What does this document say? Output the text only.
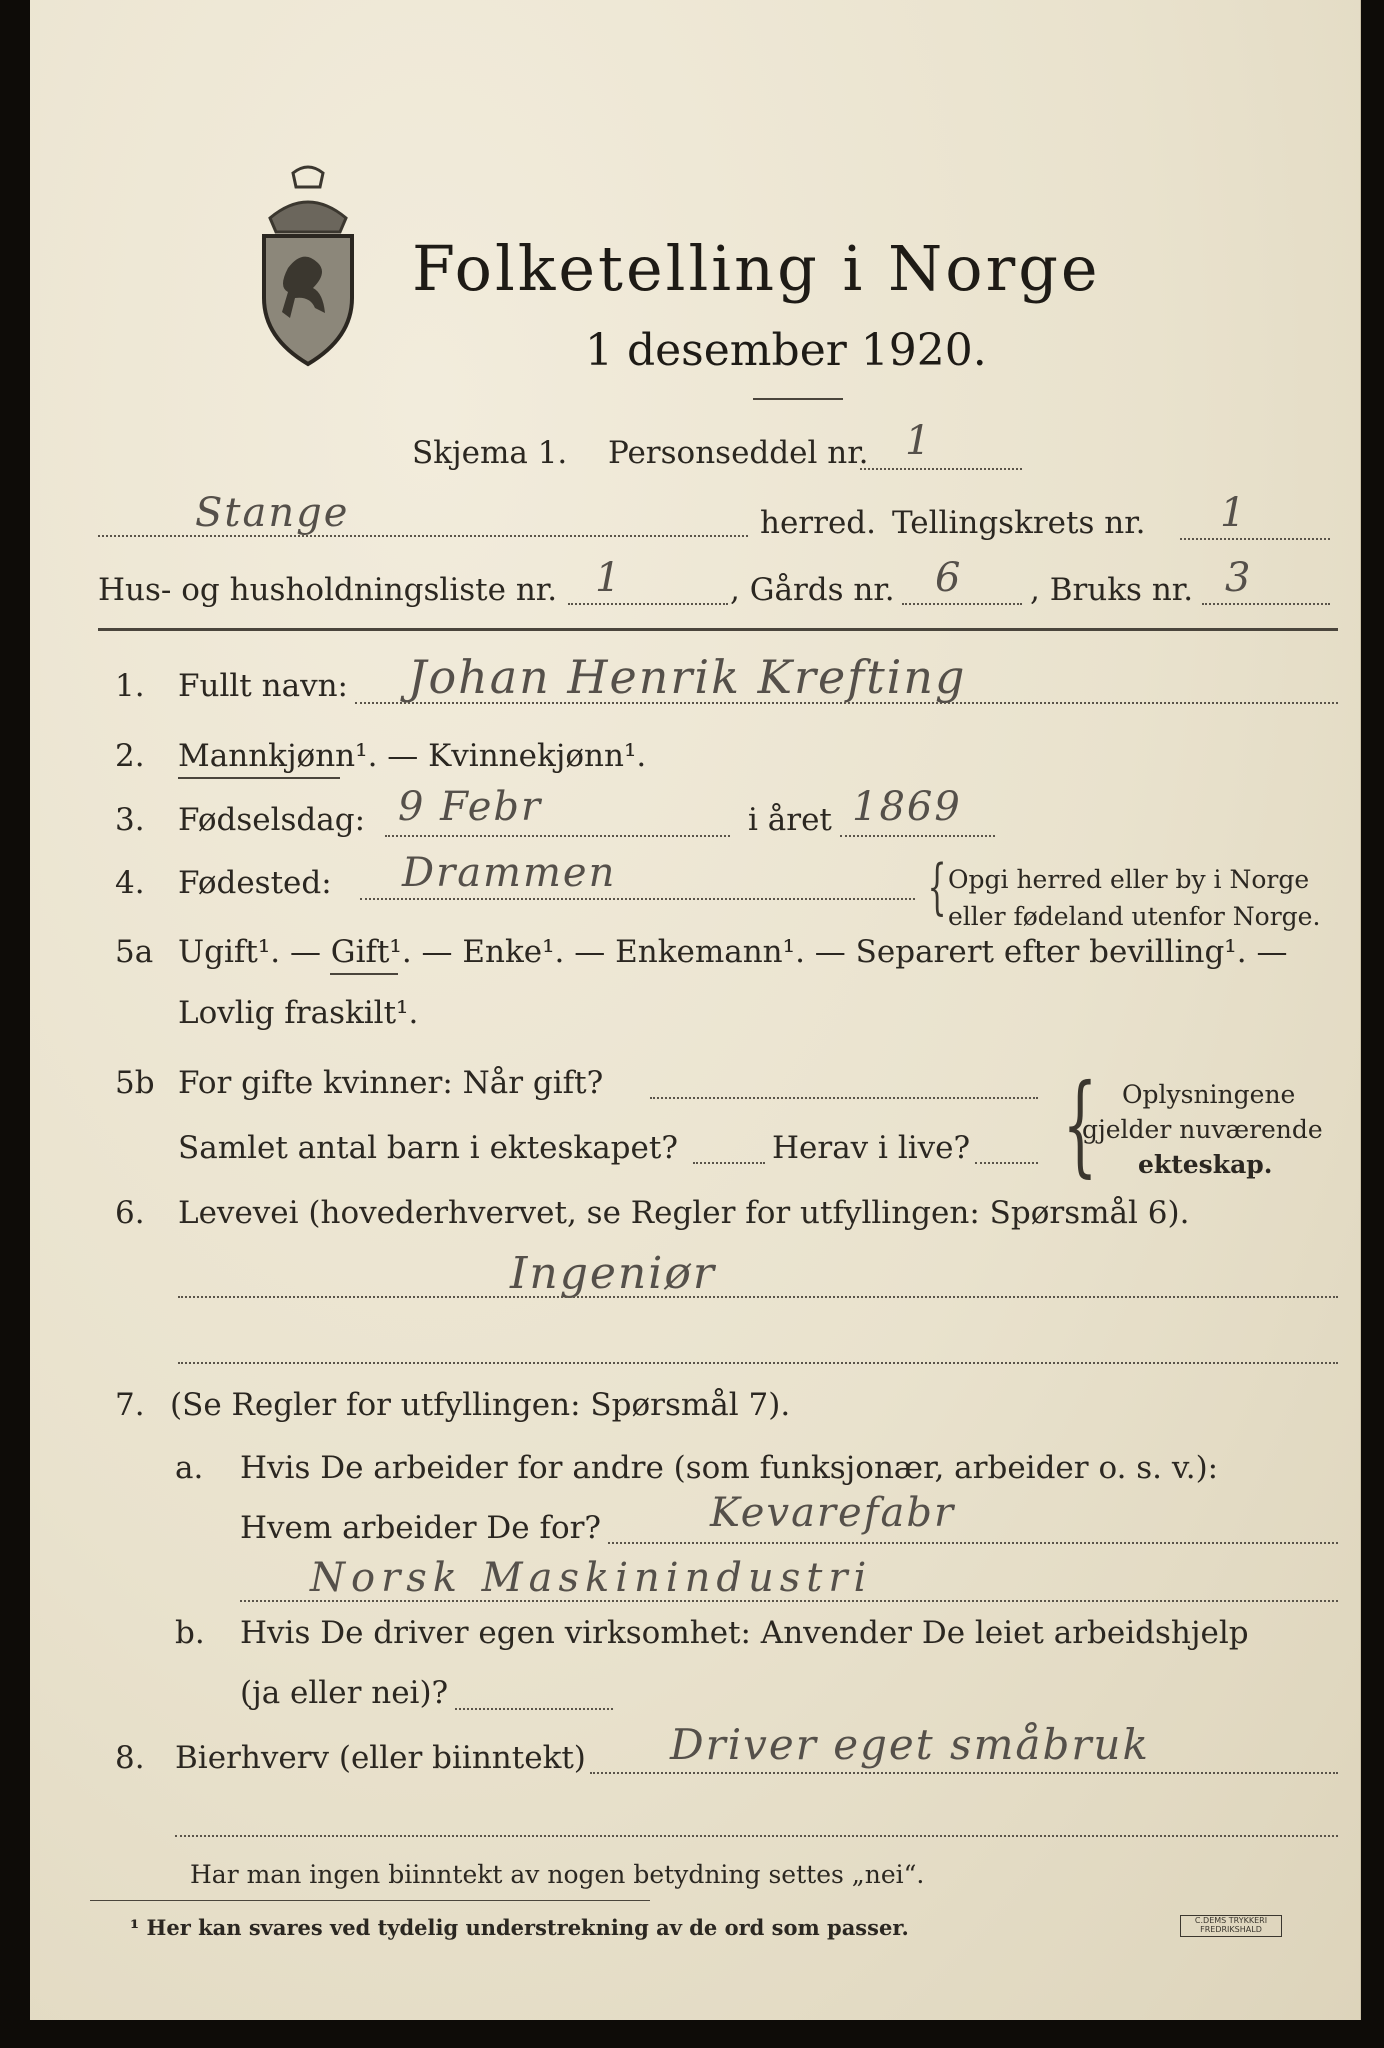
Folketelling i Norge
1 desember 1920.
Skjema 1. Personseddel nr. 1
Stange	herred. Tellingskrets nr. 1
Hus- og husholdningsliste nr. 1	, Gårds nr. 6 , Bruks nr. 3
1. Fullt navn: Johan Henrik Krefting
2. Mannkjønn¹. — Kvinnekjønn¹.
3. Fødselsdag: 9 Febr	i året 1869
4. Fødested: Drammen	{ Opgi herred eller by i Norge
eller fødeland utenfor Norge.
5a Ugift¹. — Gift¹. — Enke¹. — Enkemann¹. — Separert efter bevilling¹. —
Lovlig fraskilt¹.
5b For gifte kvinner: Når gift?
Samlet antal barn i ekteskapet?	Herav i live? { Oplysningene
gjelder nuværende
ekteskap.
6. Levevei (hovederhvervet, se Regler for utfyllingen: Spørsmål 6).
Ingeniør
7. (Se Regler for utfyllingen: Spørsmål 7).
a. Hvis De arbeider for andre (som funksjonær, arbeider o. s. v.):
Hvem arbeider De for?	Kevarefabr
Norsk Maskinindustri
b. Hvis De driver egen virksomhet: Anvender De leiet arbeidshjelp
(ja eller nei)?
8. Bierhverv (eller biinntekt) Driver eget småbruk
Har man ingen biinntekt av nogen betydning settes „nei“.
¹ Her kan svares ved tydelig understrekning av de ord som passer.	C.DEMS TRYKKERI FREDRIKSHALD
